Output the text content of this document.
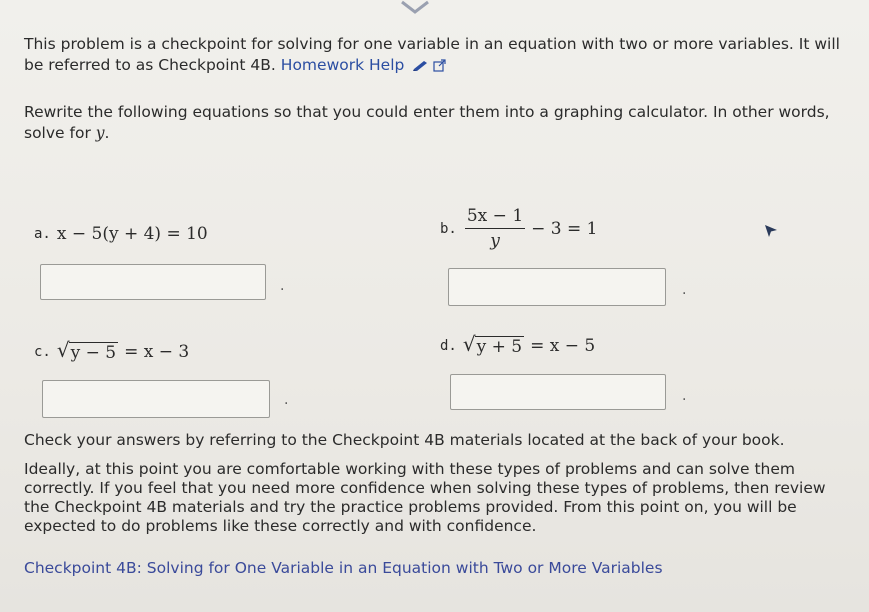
This problem is a checkpoint for solving for one variable in an equation with two or more variables. It will be referred to as Checkpoint 4B. Homework Help
Rewrite the following equations so that you could enter them into a graphing calculator. In other words, solve for y.
a. x − 5(y + 4) = 10
.
b. $\frac{5x - 1}{y} - 3 = 1$
.
c. √ y − 5 = x − 3
.
d. √ y + 5 = x − 5
.
Check your answers by referring to the Checkpoint 4B materials located at the back of your book.
Ideally, at this point you are comfortable working with these types of problems and can solve them correctly. If you feel that you need more confidence when solving these types of problems, then review the Checkpoint 4B materials and try the practice problems provided. From this point on, you will be expected to do problems like these correctly and with confidence.
Checkpoint 4B: Solving for One Variable in an Equation with Two or More Variables
